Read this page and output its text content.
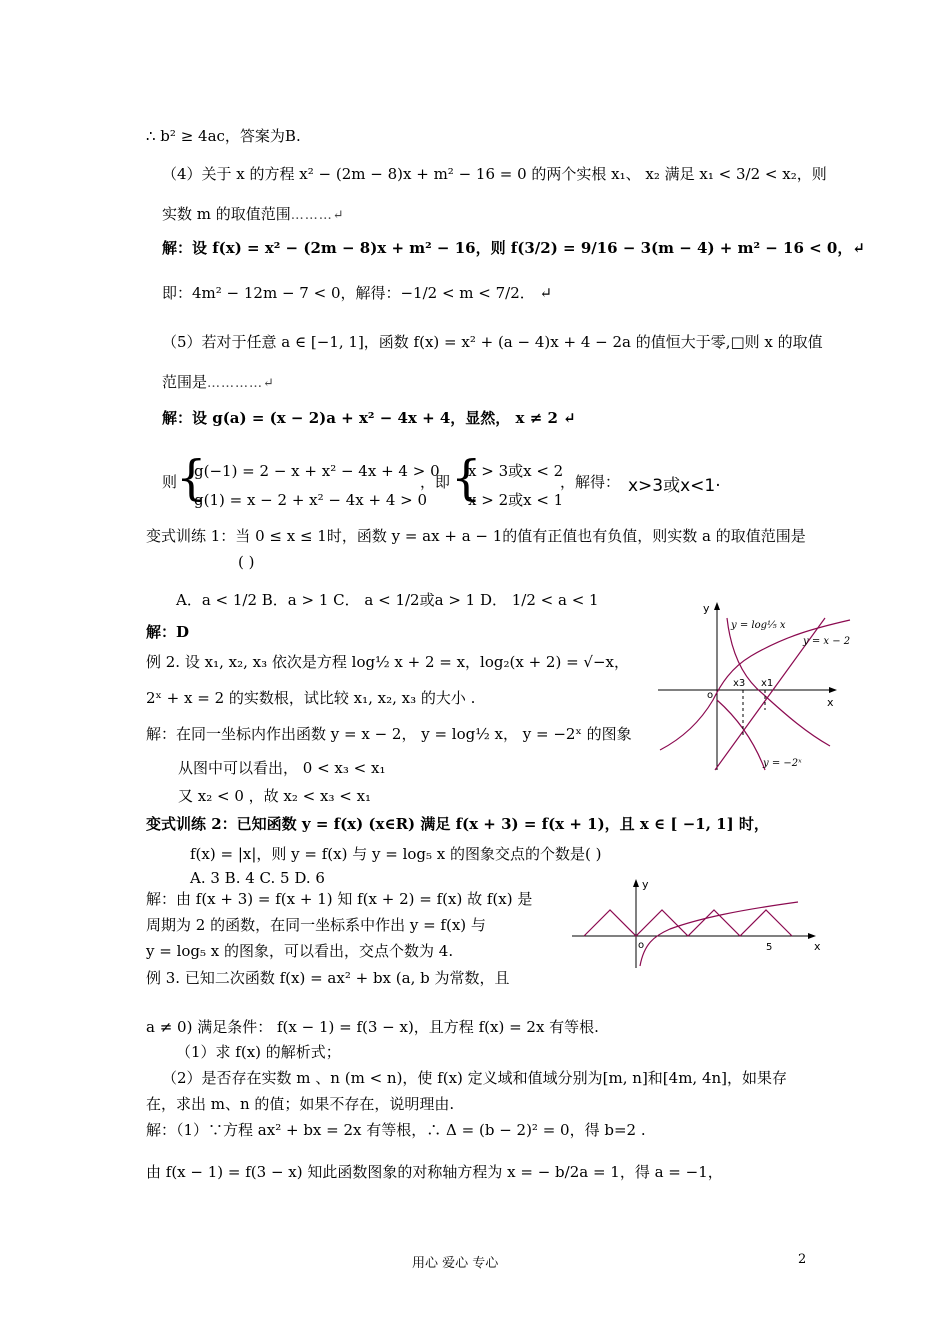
∴ b² ≥ 4ac，答案为B.
（4）关于 x 的方程 x² − (2m − 8)x + m² − 16 = 0 的两个实根 x₁、 x₂ 满足 x₁ < 3/2 < x₂，则
实数 m 的取值范围………↵
解：设 f(x) = x² − (2m − 8)x + m² − 16，则 f(3/2) = 9/16 − 3(m − 4) + m² − 16 < 0，↵
即：4m² − 12m − 7 < 0，解得：−1/2 < m < 7/2． ↵
（5）若对于任意 a ∈ [−1, 1]，函数 f(x) = x² + (a − 4)x + 4 − 2a 的值恒大于零,□则 x 的取值
范围是…………↵
解：设 g(a) = (x − 2)a + x² − 4x + 4，显然， x ≠ 2 ↵
则
{
g(−1) = 2 − x + x² − 4x + 4 > 0
g(1) = x − 2 + x² − 4x + 4 > 0
，即 {
x > 3或x < 2
x > 2或x < 1
，解得： x>3或x<1·
变式训练 1：当 0 ≤ x ≤ 1时，函数 y = ax + a − 1的值有正值也有负值，则实数 a 的取值范围是
( )
A．a < 1/2 B．a > 1 C． a < 1/2或a > 1 D． 1/2 < a < 1
解：D
例 2. 设 x₁, x₂, x₃ 依次是方程 log½ x + 2 = x，log₂(x + 2) = √−x，
2ˣ + x = 2 的实数根，试比较 x₁, x₂, x₃ 的大小 .
解：在同一坐标内作出函数 y = x − 2， y = log½ x， y = −2ˣ 的图象
从图中可以看出， 0 < x₃ < x₁
又 x₂ < 0 ，故 x₂ < x₃ < x₁
变式训练 2：已知函数 y = f(x) (x∈R) 满足 f(x + 3) = f(x + 1)，且 x ∈ [ −1, 1] 时，
f(x) = |x|，则 y = f(x) 与 y = log₅ x 的图象交点的个数是( )
A. 3 B. 4 C. 5 D. 6
解：由 f(x + 3) = f(x + 1) 知 f(x + 2) = f(x) 故 f(x) 是
周期为 2 的函数，在同一坐标系中作出 y = f(x) 与
y = log₅ x 的图象，可以看出，交点个数为 4.
例 3. 已知二次函数 f(x) = ax² + bx (a, b 为常数，且
a ≠ 0) 满足条件： f(x − 1) = f(3 − x)，且方程 f(x) = 2x 有等根.
（1）求 f(x) 的解析式；
（2）是否存在实数 m 、n (m < n)，使 f(x) 定义域和值域分别为[m, n]和[4m, 4n]，如果存
在，求出 m、n 的值；如果不存在，说明理由.
解：（1）∵方程 ax² + bx = 2x 有等根，∴ Δ = (b − 2)² = 0，得 b=2 .
由 f(x − 1) = f(3 − x) 知此函数图象的对称轴方程为 x = − b/2a = 1，得 a = −1，
y
x
o
y = log⅕ x
y = x − 2
y = −2ˣ
x3 x1
y
x
o	5
用心 爱心 专心	2
